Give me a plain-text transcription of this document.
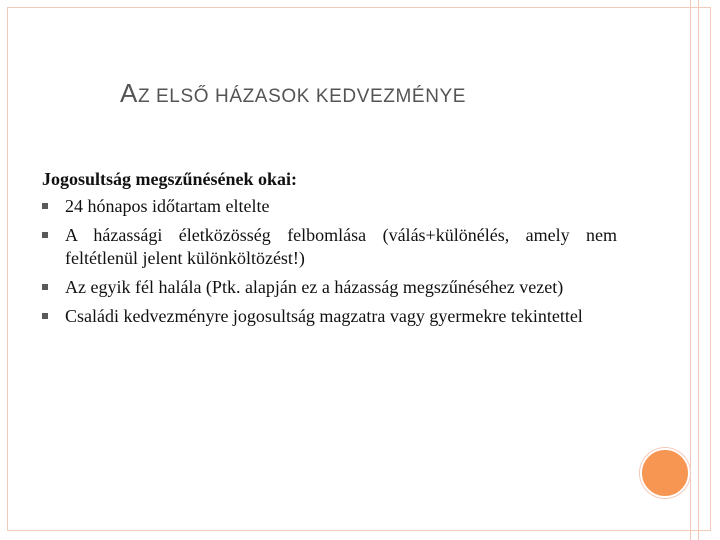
AZ ELSŐ HÁZASOK KEDVEZMÉNYE
Jogosultság megszűnésének okai:
24 hónapos időtartam eltelte
A házassági életközösség felbomlása (válás+különélés, amely nem feltétlenül jelent különköltözést!)
Az egyik fél halála (Ptk. alapján ez a házasság megszűnéséhez vezet)
Családi kedvezményre jogosultság magzatra vagy gyermekre tekintettel
